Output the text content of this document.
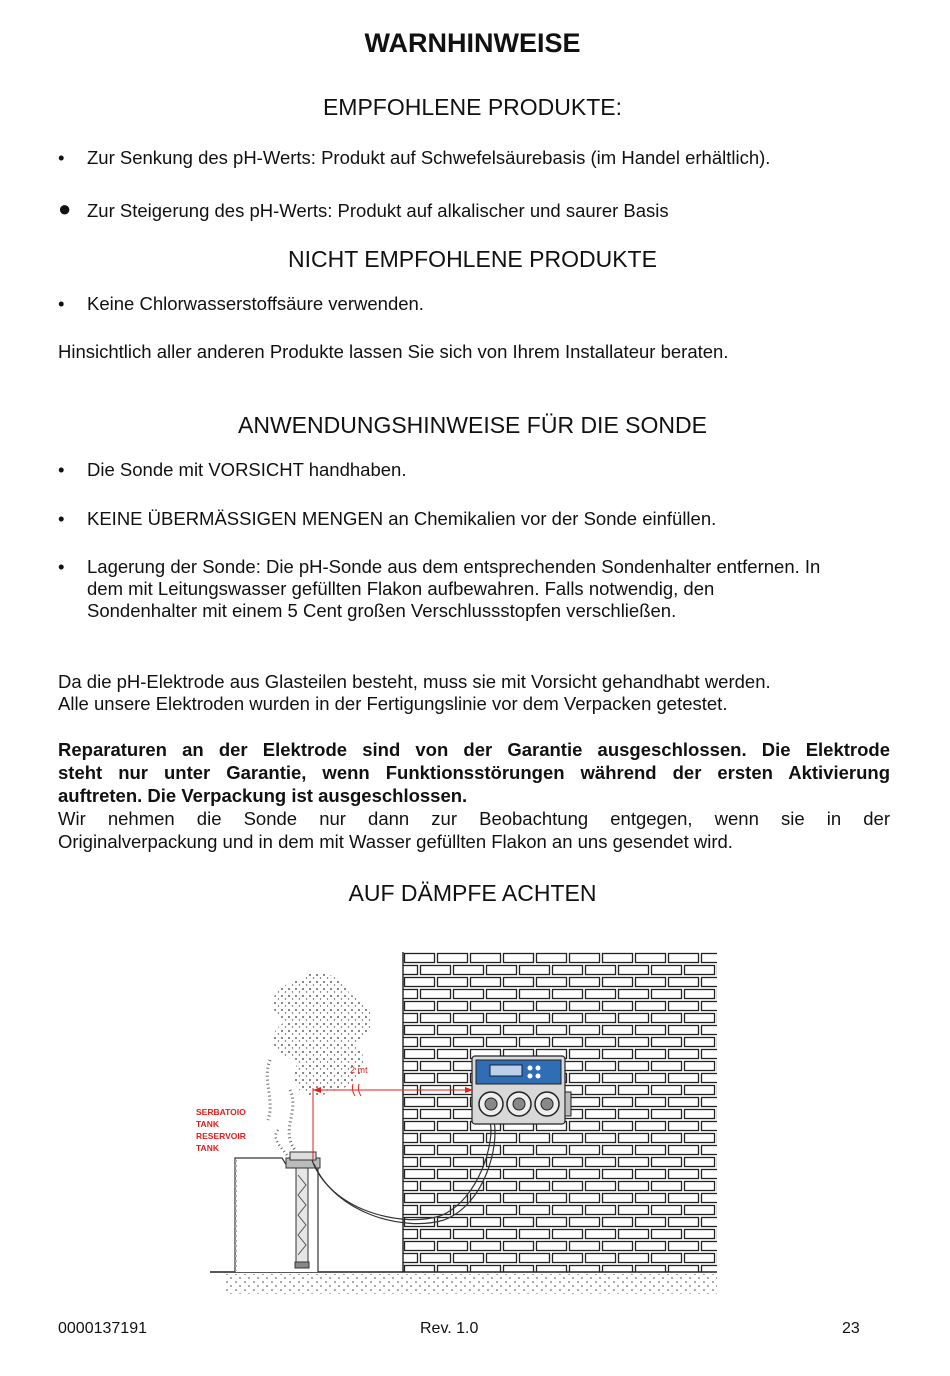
WARNHINWEISE
EMPFOHLENE PRODUKTE:
•	Zur Senkung des pH-Werts: Produkt auf Schwefelsäurebasis (im Handel erhältlich).
● Zur Steigerung des pH-Werts: Produkt auf alkalischer und saurer Basis
NICHT EMPFOHLENE PRODUKTE
•	Keine Chlorwasserstoffsäure verwenden.
Hinsichtlich aller anderen Produkte lassen Sie sich von Ihrem Installateur beraten.
ANWENDUNGSHINWEISE FÜR DIE SONDE
•	Die Sonde mit VORSICHT handhaben.
•	KEINE ÜBERMÄSSIGEN MENGEN an Chemikalien vor der Sonde einfüllen.
•	Lagerung der Sonde: Die pH-Sonde aus dem entsprechenden Sondenhalter entfernen. In
dem mit Leitungswasser gefüllten Flakon aufbewahren. Falls notwendig, den
Sondenhalter mit einem 5 Cent großen Verschlussstopfen verschließen.
Da die pH-Elektrode aus Glasteilen besteht, muss sie mit Vorsicht gehandhabt werden.
Alle unsere Elektroden wurden in der Fertigungslinie vor dem Verpacken getestet.
Reparaturen an der Elektrode sind von der Garantie ausgeschlossen. Die Elektrode
steht nur unter Garantie, wenn Funktionsstörungen während der ersten Aktivierung
auftreten. Die Verpackung ist ausgeschlossen.
Wir nehmen die Sonde nur dann zur Beobachtung entgegen, wenn sie in der
Originalverpackung und in dem mit Wasser gefüllten Flakon an uns gesendet wird.
AUF DÄMPFE ACHTEN
2 mt
SERBATOIO
TANK
RESERVOIR
TANK
0000137191	Rev. 1.0	23
